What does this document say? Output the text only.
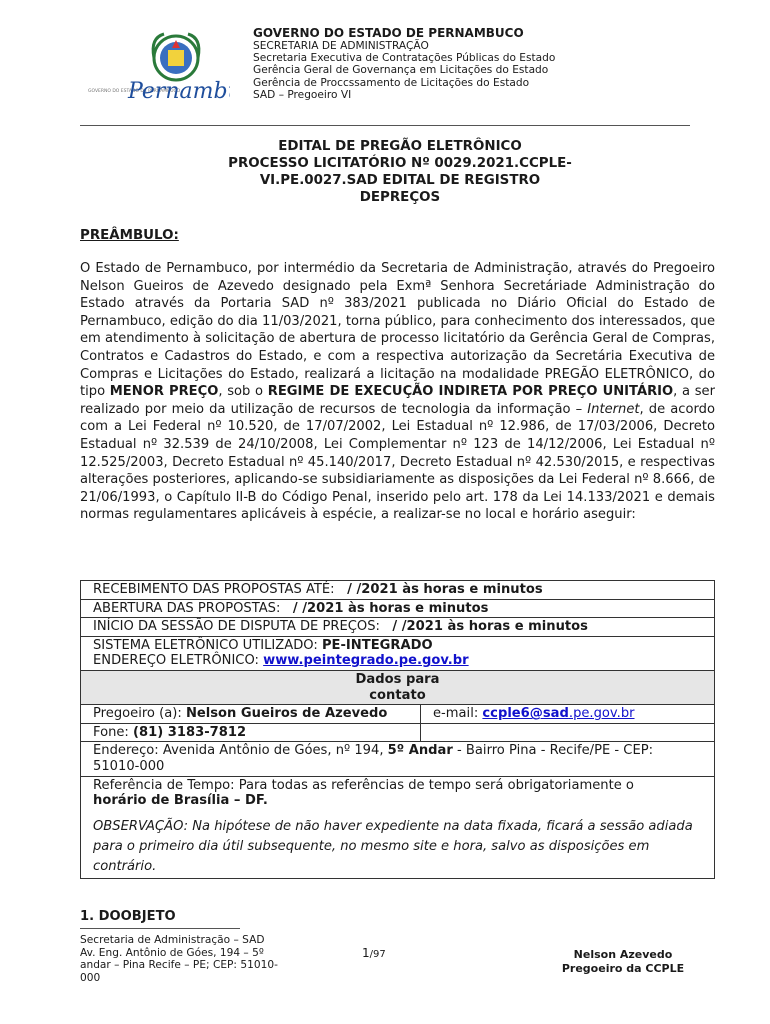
GOVERNO DO ESTADO DE PERNAMBUCO
Pernamb
GOVERNO DO ESTADO DE PERNAMBUCO
SECRETARIA DE ADMINISTRAÇÃO
Secretaria Executiva de Contratações Públicas do Estado
Gerência Geral de Governança em Licitações do Estado
Gerência de Proccssamento de Licitações do Estado
SAD – Pregoeiro VI
EDITAL DE PREGÃO ELETRÔNICO
PROCESSO LICITATÓRIO Nº 0029.2021.CCPLE-
VI.PE.0027.SAD EDITAL DE REGISTRO
DEPREÇOS
PREÂMBULO:
O Estado de Pernambuco, por intermédio da Secretaria de Administração, através do Pregoeiro Nelson Gueiros de Azevedo designado pela Exmª Senhora Secretáriade Administração do Estado através da Portaria SAD nº 383/2021 publicada no Diário Oficial do Estado de Pernambuco, edição do dia 11/03/2021, torna público, para conhecimento dos interessados, que em atendimento à solicitação de abertura de processo licitatório da Gerência Geral de Compras, Contratos e Cadastros do Estado, e com a respectiva autorização da Secretária Executiva de Compras e Licitações do Estado, realizará a licitação na modalidade PREGÃO ELETRÔNICO, do tipo MENOR PREÇO, sob o REGIME DE EXECUÇÃO INDIRETA POR PREÇO UNITÁRIO, a ser realizado por meio da utilização de recursos de tecnologia da informação – Internet, de acordo com a Lei Federal nº 10.520, de 17/07/2002, Lei Estadual nº 12.986, de 17/03/2006, Decreto Estadual nº 32.539 de 24/10/2008, Lei Complementar nº 123 de 14/12/2006, Lei Estadual nº 12.525/2003, Decreto Estadual nº 45.140/2017, Decreto Estadual nº 42.530/2015, e respectivas alterações posteriores, aplicando-se subsidiariamente as disposições da Lei Federal nº 8.666, de 21/06/1993, o Capítulo II-B do Código Penal, inserido pelo art. 178 da Lei 14.133/2021 e demais normas regulamentares aplicáveis à espécie, a realizar-se no local e horário aseguir:
RECEBIMENTO DAS PROPOSTAS ATÉ: / /2021 às horas e minutos	
ABERTURA DAS PROPOSTAS: / /2021 às horas e minutos	
INÍCIO DA SESSÃO DE DISPUTA DE PREÇOS: / /2021 às horas e minutos	

SISTEMA ELETRÔNICO UTILIZADO: PE-INTEGRADO
ENDEREÇO ELETRÔNICO: www.peintegrado.pe.gov.br	

Dados para
contato	

Pregoeiro (a): Nelson Gueiros de Azevedo	e-mail: ccple6@sad.pe.gov.br
Fone: (81) 3183-7812	
Endereço: Avenida Antônio de Góes, nº 194, 5º Andar - Bairro Pina - Recife/PE - CEP: 51010-000	

Referência de Tempo: Para todas as referências de tempo será obrigatoriamente o
horário de Brasília – DF.
OBSERVAÇÃO: Na hipótese de não haver expediente na data fixada, ficará a sessão adiada para o primeiro dia útil subsequente, no mesmo site e hora, salvo as disposições em contrário.	
1. DOOBJETO
Secretaria de Administração – SAD
Av. Eng. Antônio de Góes, 194 – 5º
andar – Pina Recife – PE; CEP: 51010-
000
1/97	Nelson Azevedo
Pregoeiro da CCPLE
